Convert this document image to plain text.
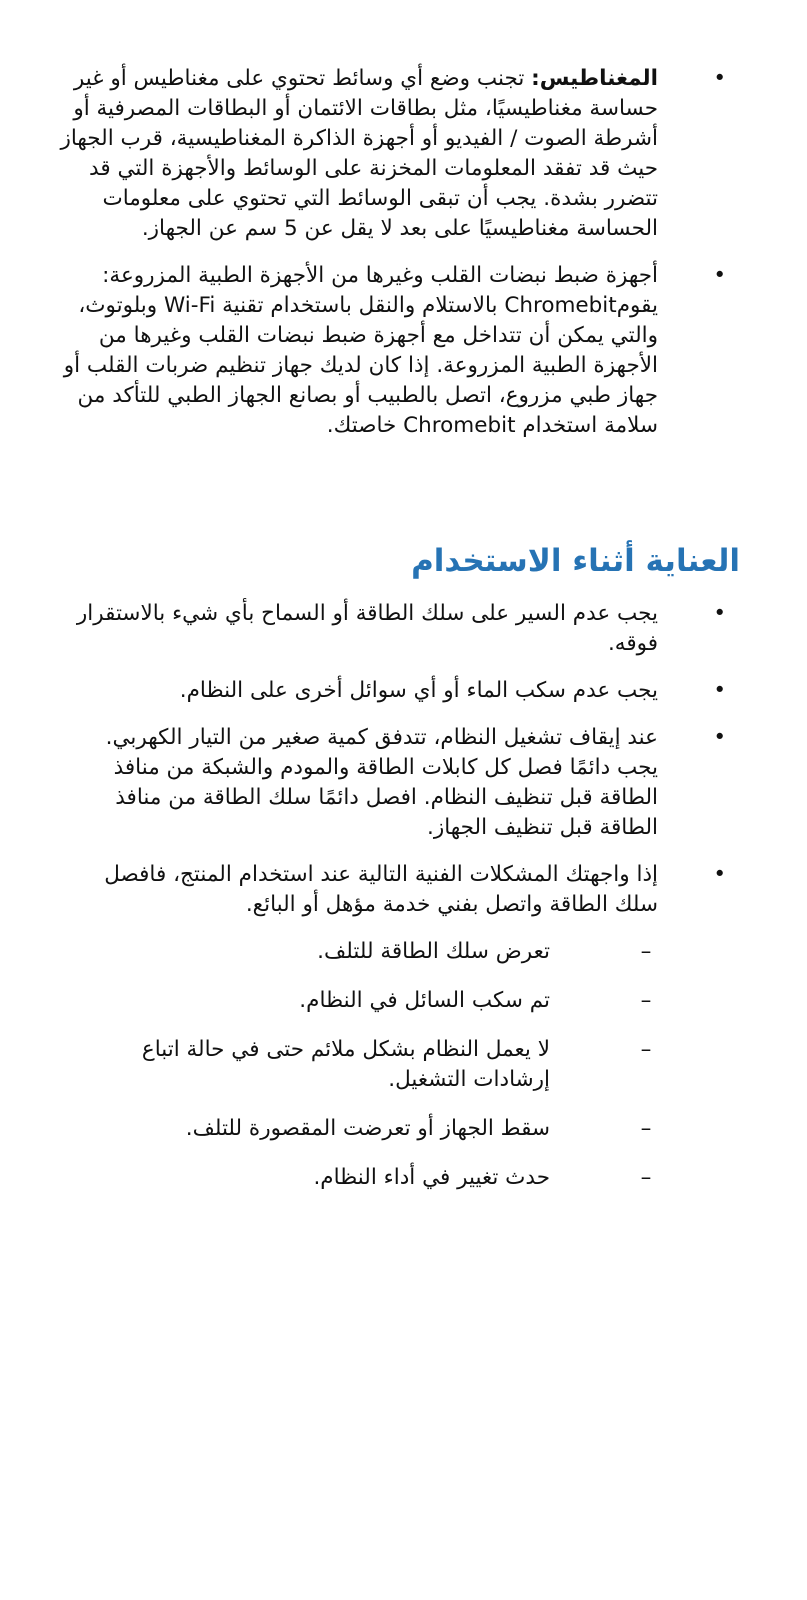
•
المغناطيس: تجنب وضع أي وسائط تحتوي على مغناطيس أو غير حساسة مغناطيسيًا، مثل بطاقات الائتمان أو البطاقات المصرفية أو أشرطة الصوت / الفيديو أو أجهزة الذاكرة المغناطيسية، قرب الجهاز حيث قد تفقد المعلومات المخزنة على الوسائط والأجهزة التي قد تتضرر بشدة. يجب أن تبقى الوسائط التي تحتوي على معلومات الحساسة مغناطيسيًا على بعد لا يقل عن 5 سم عن الجهاز.
•
أجهزة ضبط نبضات القلب وغيرها من الأجهزة الطبية المزروعة: يقومChromebit بالاستلام والنقل باستخدام تقنية Wi-Fi وبلوتوث، والتي يمكن أن تتداخل مع أجهزة ضبط نبضات القلب وغيرها من الأجهزة الطبية المزروعة. إذا كان لديك جهاز تنظيم ضربات القلب أو جهاز طبي مزروع، اتصل بالطبيب أو بصانع الجهاز الطبي للتأكد من سلامة استخدام Chromebit خاصتك.
العناية أثناء الاستخدام
•
يجب عدم السير على سلك الطاقة أو السماح بأي شيء بالاستقرار فوقه.
•
يجب عدم سكب الماء أو أي سوائل أخرى على النظام.
•
عند إيقاف تشغيل النظام، تتدفق كمية صغير من التيار الكهربي. يجب دائمًا فصل كل كابلات الطاقة والمودم والشبكة من منافذ الطاقة قبل تنظيف النظام. افصل دائمًا سلك الطاقة من منافذ الطاقة قبل تنظيف الجهاز.
•
إذا واجهتك المشكلات الفنية التالية عند استخدام المنتج، فافصل سلك الطاقة واتصل بفني خدمة مؤهل أو البائع.
–
تعرض سلك الطاقة للتلف.
–
تم سكب السائل في النظام.
–
لا يعمل النظام بشكل ملائم حتى في حالة اتباع إرشادات التشغيل.
–
سقط الجهاز أو تعرضت المقصورة للتلف.
–
حدث تغيير في أداء النظام.
